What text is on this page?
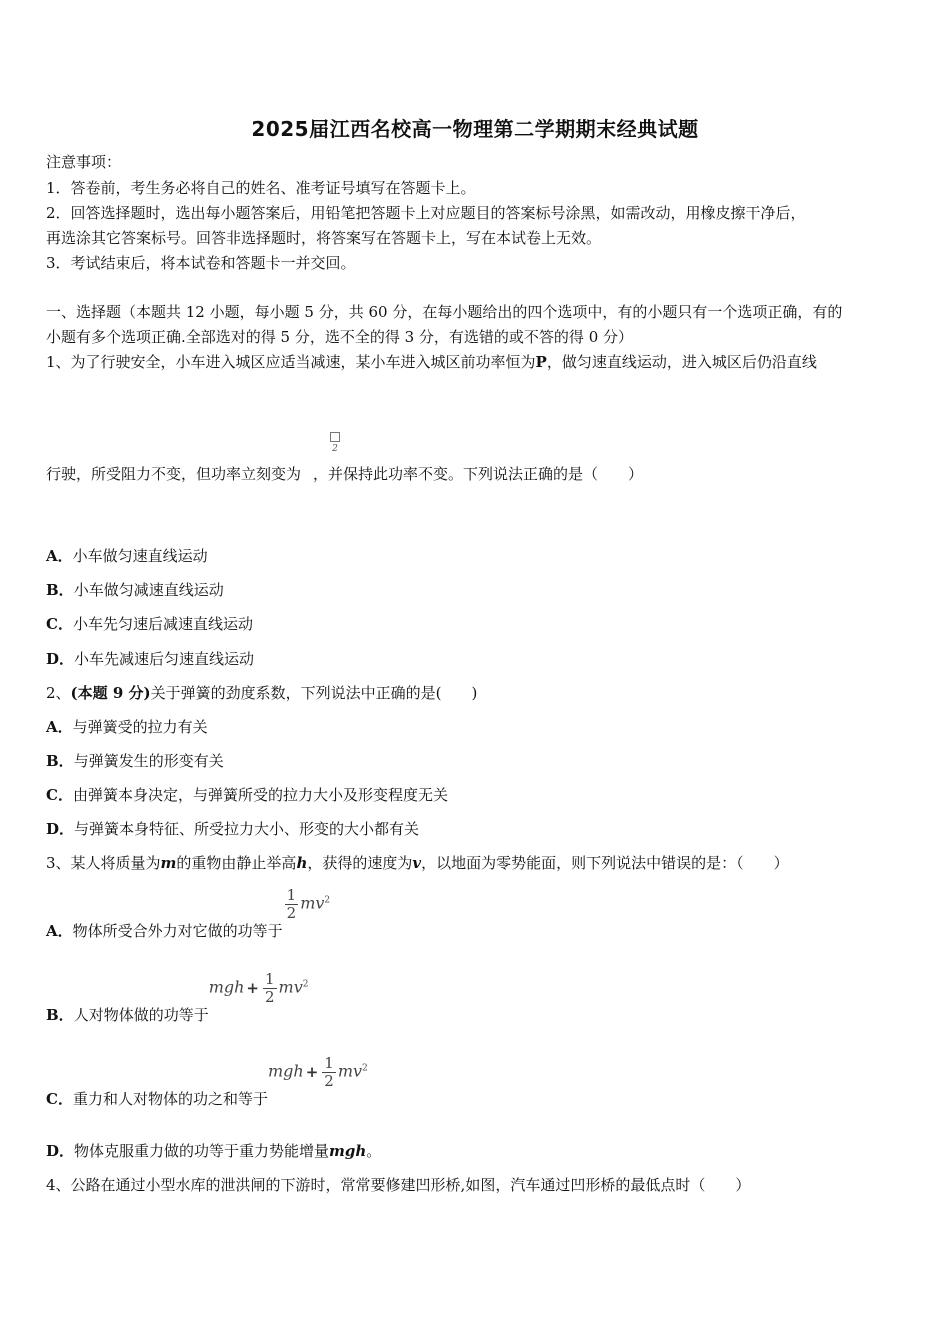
2025届江西名校高一物理第二学期期末经典试题
注意事项：
1．答卷前，考生务必将自己的姓名、准考证号填写在答题卡上。
2．回答选择题时，选出每小题答案后，用铅笔把答题卡上对应题目的答案标号涂黑，如需改动，用橡皮擦干净后，
再选涂其它答案标号。回答非选择题时，将答案写在答题卡上，写在本试卷上无效。
3．考试结束后，将本试卷和答题卡一并交回。
一、选择题（本题共 12 小题，每小题 5 分，共 60 分，在每小题给出的四个选项中，有的小题只有一个选项正确，有的
小题有多个选项正确.全部选对的得 5 分，选不全的得 3 分，有选错的或不答的得 0 分）
1、为了行驶安全，小车进入城区应适当减速，某小车进入城区前功率恒为P，做匀速直线运动，进入城区后仍沿直线
2
行驶，所受阻力不变，但功率立刻变为 ，并保持此功率不变。下列说法正确的是（　　）
A．小车做匀速直线运动
B．小车做匀减速直线运动
C．小车先匀速后减速直线运动
D．小车先减速后匀速直线运动
2、(本题 9 分)关于弹簧的劲度系数，下列说法中正确的是(　　)
A．与弹簧受的拉力有关
B．与弹簧发生的形变有关
C．由弹簧本身决定，与弹簧所受的拉力大小及形变程度无关
D．与弹簧本身特征、所受拉力大小、形变的大小都有关
3、某人将质量为m的重物由静止举高h，获得的速度为v，以地面为零势能面，则下列说法中错误的是：（　　）
A．物体所受合外力对它做的功等于
$\frac{1}{2} mv^2$
B．人对物体做的功等于mgh + $\frac{1}{2} mv^2$
C．重力和人对物体的功之和等于mgh + $\frac{1}{2} mv^2$
D．物体克服重力做的功等于重力势能增量mgh。
4、公路在通过小型水库的泄洪闸的下游时，常常要修建凹形桥,如图，汽车通过凹形桥的最低点时（　　）
